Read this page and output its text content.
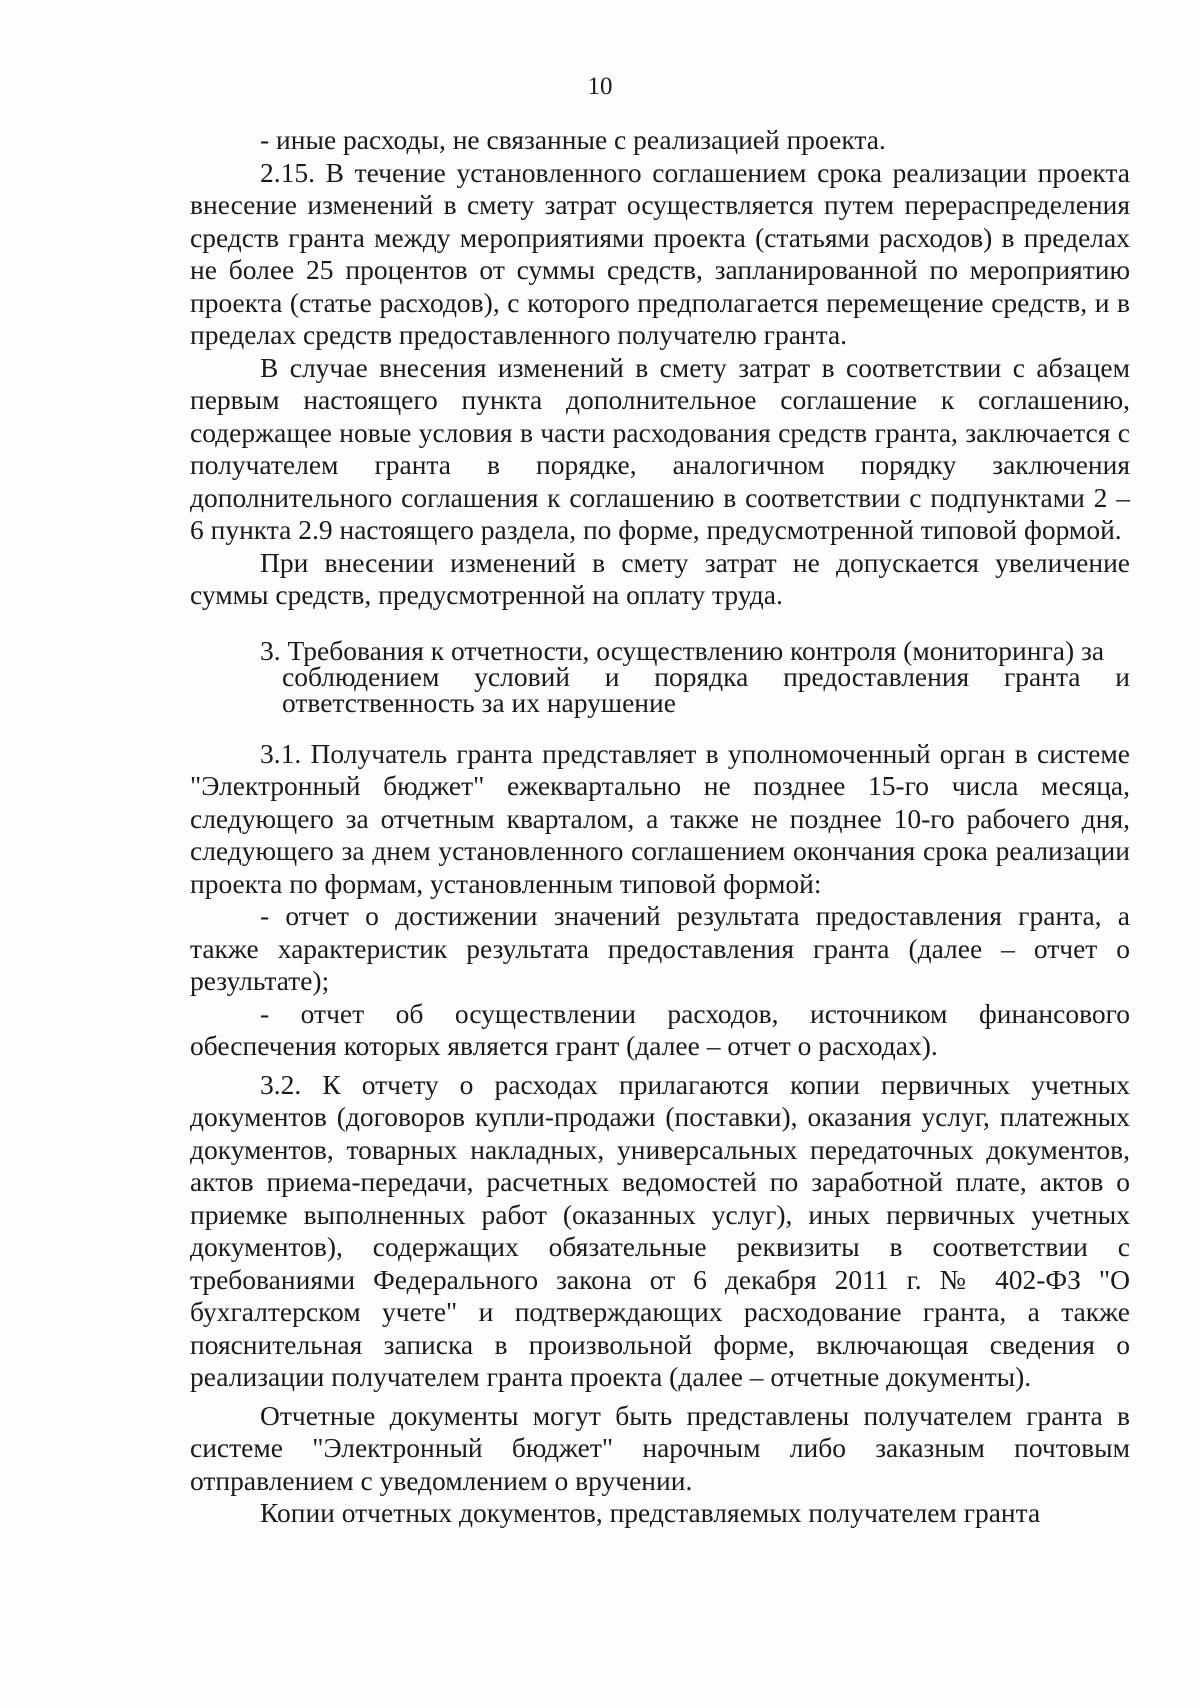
10

- иные расходы, не связанные с реализацией проекта.

2.15. В течение установленного соглашением срока реализации проекта внесение изменений в смету затрат осуществляется путем перераспределения средств гранта между мероприятиями проекта (статьями расходов) в пределах не более 25 процентов от суммы средств, запланированной по мероприятию проекта (статье расходов), с которого предполагается перемещение средств, и в пределах средств предоставленного получателю гранта.

В случае внесения изменений в смету затрат в соответствии с абзацем первым настоящего пункта дополнительное соглашение к соглашению, содержащее новые условия в части расходования средств гранта, заключается с получателем гранта в порядке, аналогичном порядку заключения дополнительного соглашения к соглашению в соответствии с подпунктами 2 – 6 пункта 2.9 настоящего раздела, по форме, предусмотренной типовой формой.

При внесении изменений в смету затрат не допускается увеличение суммы средств, предусмотренной на оплату труда.

3. Требования к отчетности, осуществлению контроля (мониторинга) за
соблюдением условий и порядка предоставления гранта и ответственность за их нарушение

3.1. Получатель гранта представляет в уполномоченный орган в системе "Электронный бюджет" ежеквартально не позднее 15-го числа месяца, следующего за отчетным кварталом, а также не позднее 10-го рабочего дня, следующего за днем установленного соглашением окончания срока реализации проекта по формам, установленным типовой формой:

- отчет о достижении значений результата предоставления гранта, а также характеристик результата предоставления гранта (далее – отчет о результате);

- отчет об осуществлении расходов, источником финансового обеспечения которых является грант (далее – отчет о расходах).

3.2. К отчету о расходах прилагаются копии первичных учетных документов (договоров купли-продажи (поставки), оказания услуг, платежных документов, товарных накладных, универсальных передаточных документов, актов приема-передачи, расчетных ведомостей по заработной плате, актов о приемке выполненных работ (оказанных услуг), иных первичных учетных документов), содержащих обязательные реквизиты в соответствии с требованиями Федерального закона от 6 декабря 2011 г. № 402-ФЗ "О бухгалтерском учете" и подтверждающих расходование гранта, а также пояснительная записка в произвольной форме, включающая сведения о реализации получателем гранта проекта (далее – отчетные документы).

Отчетные документы могут быть представлены получателем гранта в системе "Электронный бюджет" нарочным либо заказным почтовым отправлением с уведомлением о вручении.

Копии отчетных документов, представляемых получателем гранта
